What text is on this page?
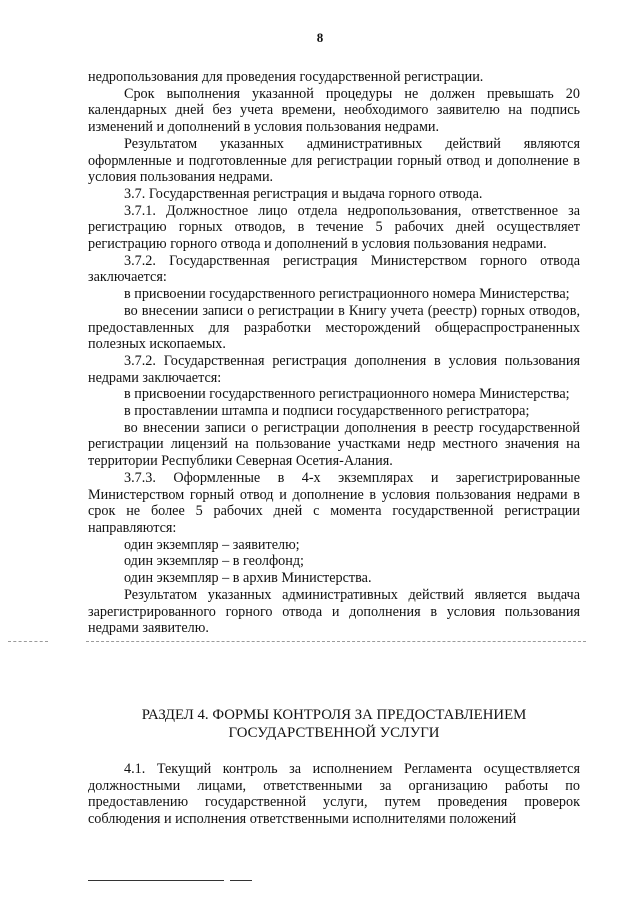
8

недропользования для проведения государственной регистрации.

Срок выполнения указанной процедуры не должен превышать 20 календарных дней без учета времени, необходимого заявителю на подпись изменений и дополнений в условия пользования недрами.

Результатом указанных административных действий являются оформленные и подготовленные для регистрации горный отвод и дополнение в условия пользования недрами.

3.7. Государственная регистрация и выдача горного отвода.

3.7.1. Должностное лицо отдела недропользования, ответственное за регистрацию горных отводов, в течение 5 рабочих дней осуществляет регистрацию горного отвода и дополнений в условия пользования недрами.

3.7.2. Государственная регистрация Министерством горного отвода заключается:

в присвоении государственного регистрационного номера Министерства;

во внесении записи о регистрации в Книгу учета (реестр) горных отводов, предоставленных для разработки месторождений общераспространенных полезных ископаемых.

3.7.2. Государственная регистрация дополнения в условия пользования недрами заключается:

в присвоении государственного регистрационного номера Министерства;

в проставлении штампа и подписи государственного регистратора;

во внесении записи о регистрации дополнения в реестр государственной регистрации лицензий на пользование участками недр местного значения на территории Республики Северная Осетия-Алания.

3.7.3. Оформленные в 4-х экземплярах и зарегистрированные Министерством горный отвод и дополнение в условия пользования недрами в срок не более 5 рабочих дней с момента государственной регистрации направляются:

один экземпляр – заявителю;

один экземпляр – в геолфонд;

один экземпляр – в архив Министерства.

Результатом указанных административных действий является выдача зарегистрированного горного отвода и дополнения в условия пользования недрами заявителю.

РАЗДЕЛ 4. ФОРМЫ КОНТРОЛЯ ЗА ПРЕДОСТАВЛЕНИЕМ
ГОСУДАРСТВЕННОЙ УСЛУГИ

4.1. Текущий контроль за исполнением Регламента осуществляется должностными лицами, ответственными за организацию работы по предоставлению государственной услуги, путем проведения проверок соблюдения и исполнения ответственными исполнителями положений
